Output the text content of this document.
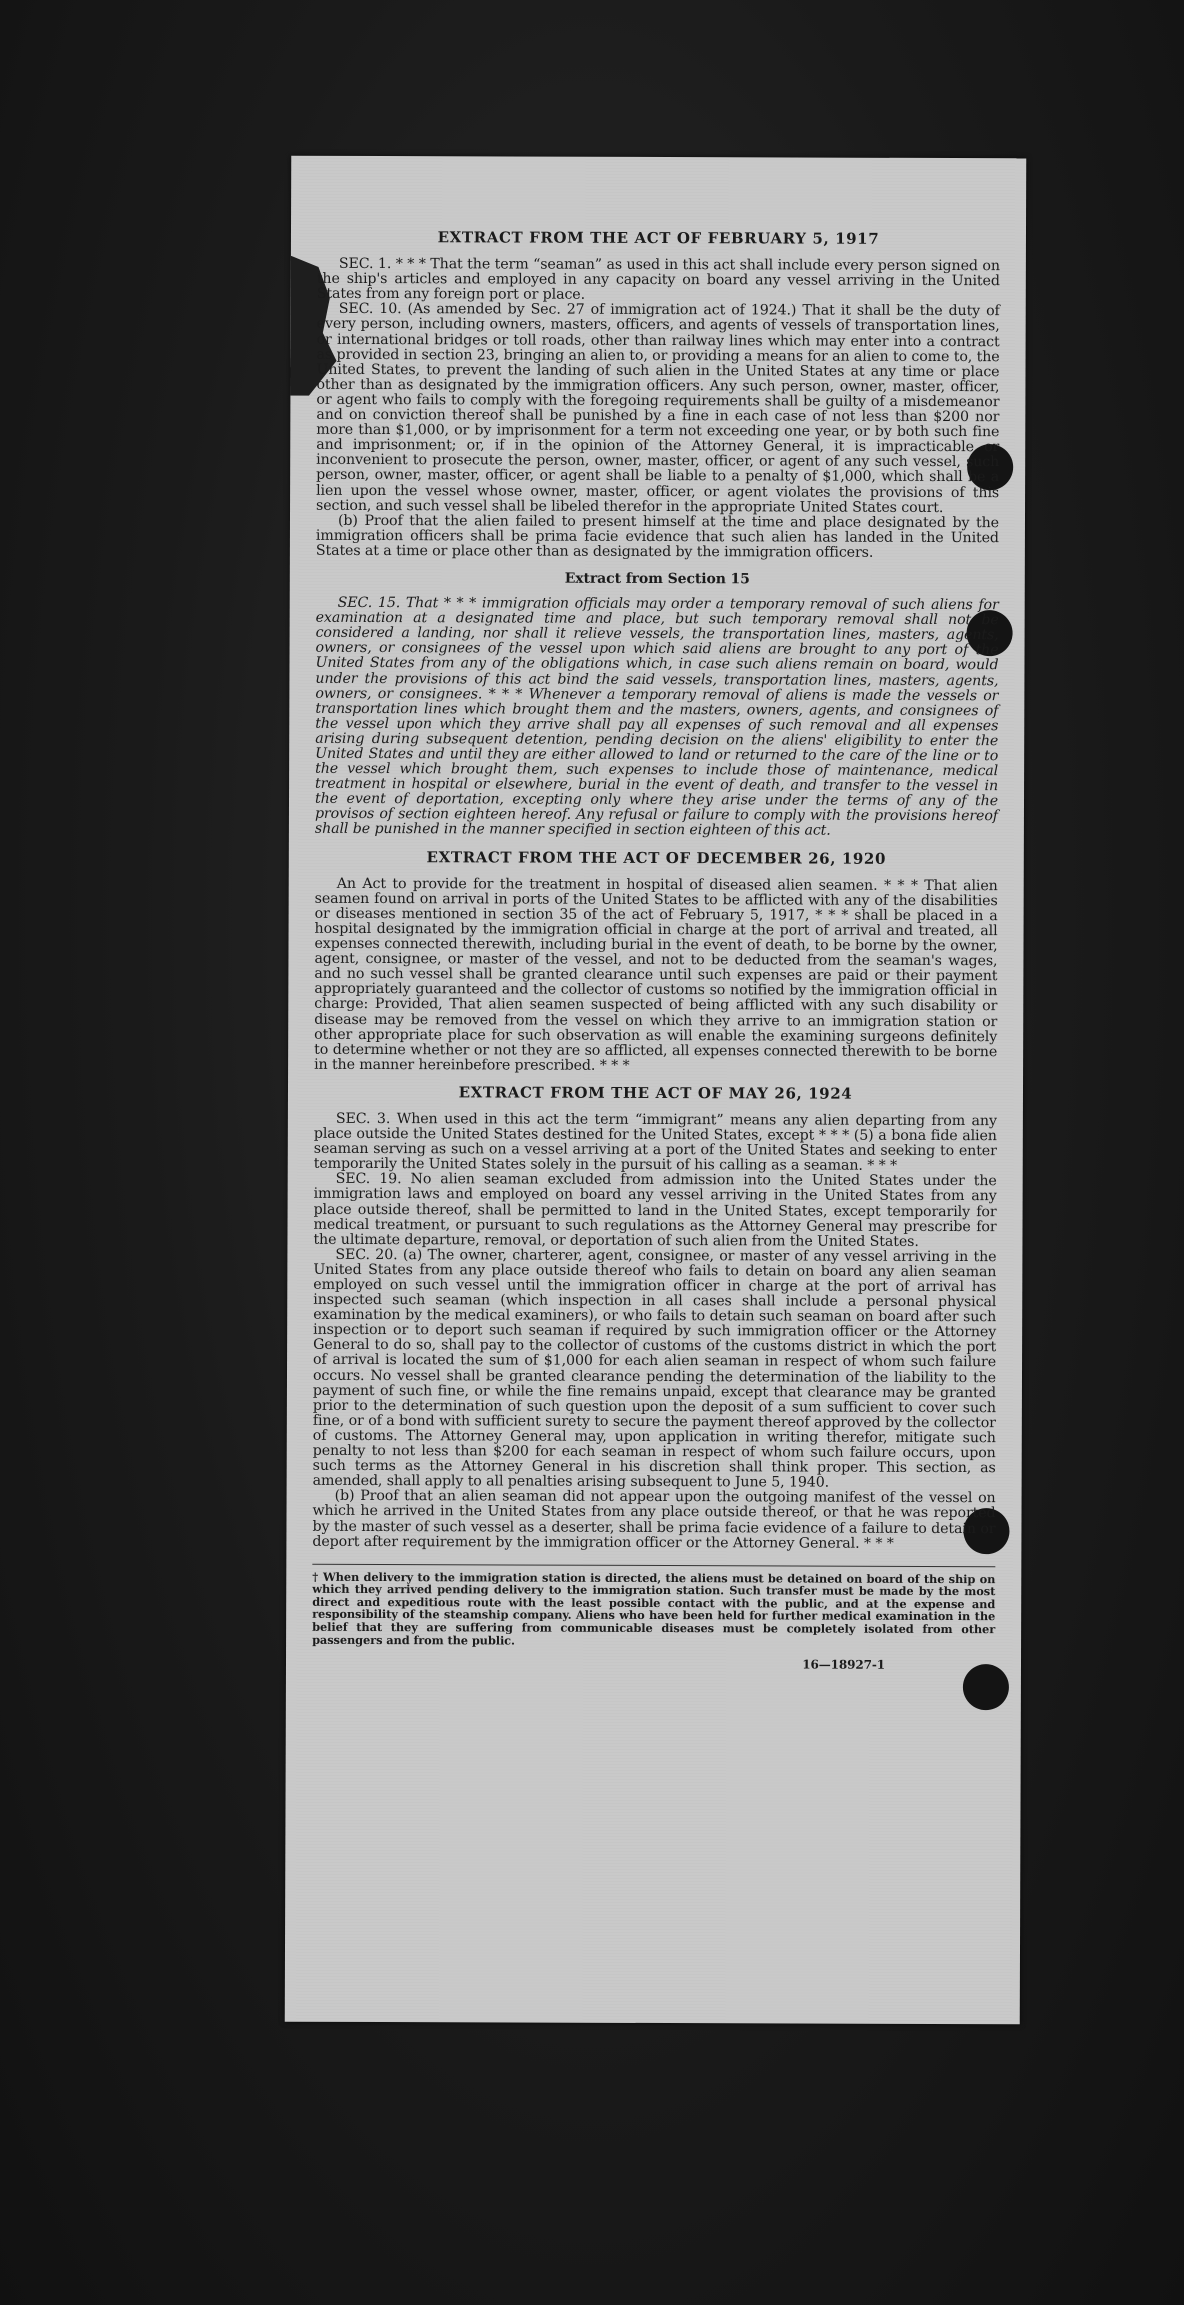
EXTRACT FROM THE ACT OF FEBRUARY 5, 1917

SEC. 1. * * * That the term “seaman” as used in this act shall include every person signed on the ship's articles and employed in any capacity on board any vessel arriving in the United States from any foreign port or place.

SEC. 10. (As amended by Sec. 27 of immigration act of 1924.) That it shall be the duty of every person, including owners, masters, officers, and agents of vessels of transportation lines, or international bridges or toll roads, other than railway lines which may enter into a contract as provided in section 23, bringing an alien to, or providing a means for an alien to come to, the United States, to prevent the landing of such alien in the United States at any time or place other than as designated by the immigration officers. Any such person, owner, master, officer, or agent who fails to comply with the foregoing requirements shall be guilty of a misdemeanor and on conviction thereof shall be punished by a fine in each case of not less than $200 nor more than $1,000, or by imprisonment for a term not exceeding one year, or by both such fine and imprisonment; or, if in the opinion of the Attorney General, it is impracticable or inconvenient to prosecute the person, owner, master, officer, or agent of any such vessel, such person, owner, master, officer, or agent shall be liable to a penalty of $1,000, which shall be a lien upon the vessel whose owner, master, officer, or agent violates the provisions of this section, and such vessel shall be libeled therefor in the appropriate United States court.

(b) Proof that the alien failed to present himself at the time and place designated by the immigration officers shall be prima facie evidence that such alien has landed in the United States at a time or place other than as designated by the immigration officers.

Extract from Section 15

SEC. 15. That * * * immigration officials may order a temporary removal of such aliens for examination at a designated time and place, but such temporary removal shall not be considered a landing, nor shall it relieve vessels, the transportation lines, masters, agents, owners, or consignees of the vessel upon which said aliens are brought to any port of the United States from any of the obligations which, in case such aliens remain on board, would under the provisions of this act bind the said vessels, transportation lines, masters, agents, owners, or consignees. * * * Whenever a temporary removal of aliens is made the vessels or transportation lines which brought them and the masters, owners, agents, and consignees of the vessel upon which they arrive shall pay all expenses of such removal and all expenses arising during subsequent detention, pending decision on the aliens' eligibility to enter the United States and until they are either allowed to land or returned to the care of the line or to the vessel which brought them, such expenses to include those of maintenance, medical treatment in hospital or elsewhere, burial in the event of death, and transfer to the vessel in the event of deportation, excepting only where they arise under the terms of any of the provisos of section eighteen hereof. Any refusal or failure to comply with the provisions hereof shall be punished in the manner specified in section eighteen of this act.

EXTRACT FROM THE ACT OF DECEMBER 26, 1920

An Act to provide for the treatment in hospital of diseased alien seamen. * * * That alien seamen found on arrival in ports of the United States to be afflicted with any of the disabilities or diseases mentioned in section 35 of the act of February 5, 1917, * * * shall be placed in a hospital designated by the immigration official in charge at the port of arrival and treated, all expenses connected therewith, including burial in the event of death, to be borne by the owner, agent, consignee, or master of the vessel, and not to be deducted from the seaman's wages, and no such vessel shall be granted clearance until such expenses are paid or their payment appropriately guaranteed and the collector of customs so notified by the immigration official in charge: Provided, That alien seamen suspected of being afflicted with any such disability or disease may be removed from the vessel on which they arrive to an immigration station or other appropriate place for such observation as will enable the examining surgeons definitely to determine whether or not they are so afflicted, all expenses connected therewith to be borne in the manner hereinbefore prescribed. * * *

EXTRACT FROM THE ACT OF MAY 26, 1924

SEC. 3. When used in this act the term “immigrant” means any alien departing from any place outside the United States destined for the United States, except * * * (5) a bona fide alien seaman serving as such on a vessel arriving at a port of the United States and seeking to enter temporarily the United States solely in the pursuit of his calling as a seaman. * * *

SEC. 19. No alien seaman excluded from admission into the United States under the immigration laws and employed on board any vessel arriving in the United States from any place outside thereof, shall be permitted to land in the United States, except temporarily for medical treatment, or pursuant to such regulations as the Attorney General may prescribe for the ultimate departure, removal, or deportation of such alien from the United States.

SEC. 20. (a) The owner, charterer, agent, consignee, or master of any vessel arriving in the United States from any place outside thereof who fails to detain on board any alien seaman employed on such vessel until the immigration officer in charge at the port of arrival has inspected such seaman (which inspection in all cases shall include a personal physical examination by the medical examiners), or who fails to detain such seaman on board after such inspection or to deport such seaman if required by such immigration officer or the Attorney General to do so, shall pay to the collector of customs of the customs district in which the port of arrival is located the sum of $1,000 for each alien seaman in respect of whom such failure occurs. No vessel shall be granted clearance pending the determination of the liability to the payment of such fine, or while the fine remains unpaid, except that clearance may be granted prior to the determination of such question upon the deposit of a sum sufficient to cover such fine, or of a bond with sufficient surety to secure the payment thereof approved by the collector of customs. The Attorney General may, upon application in writing therefor, mitigate such penalty to not less than $200 for each seaman in respect of whom such failure occurs, upon such terms as the Attorney General in his discretion shall think proper. This section, as amended, shall apply to all penalties arising subsequent to June 5, 1940.

(b) Proof that an alien seaman did not appear upon the outgoing manifest of the vessel on which he arrived in the United States from any place outside thereof, or that he was reported by the master of such vessel as a deserter, shall be prima facie evidence of a failure to detain or deport after requirement by the immigration officer or the Attorney General. * * *

† When delivery to the immigration station is directed, the aliens must be detained on board of the ship on which they arrived pending delivery to the immigration station. Such transfer must be made by the most direct and expeditious route with the least possible contact with the public, and at the expense and responsibility of the steamship company. Aliens who have been held for further medical examination in the belief that they are suffering from communicable diseases must be completely isolated from other passengers and from the public.
16—18927-1
